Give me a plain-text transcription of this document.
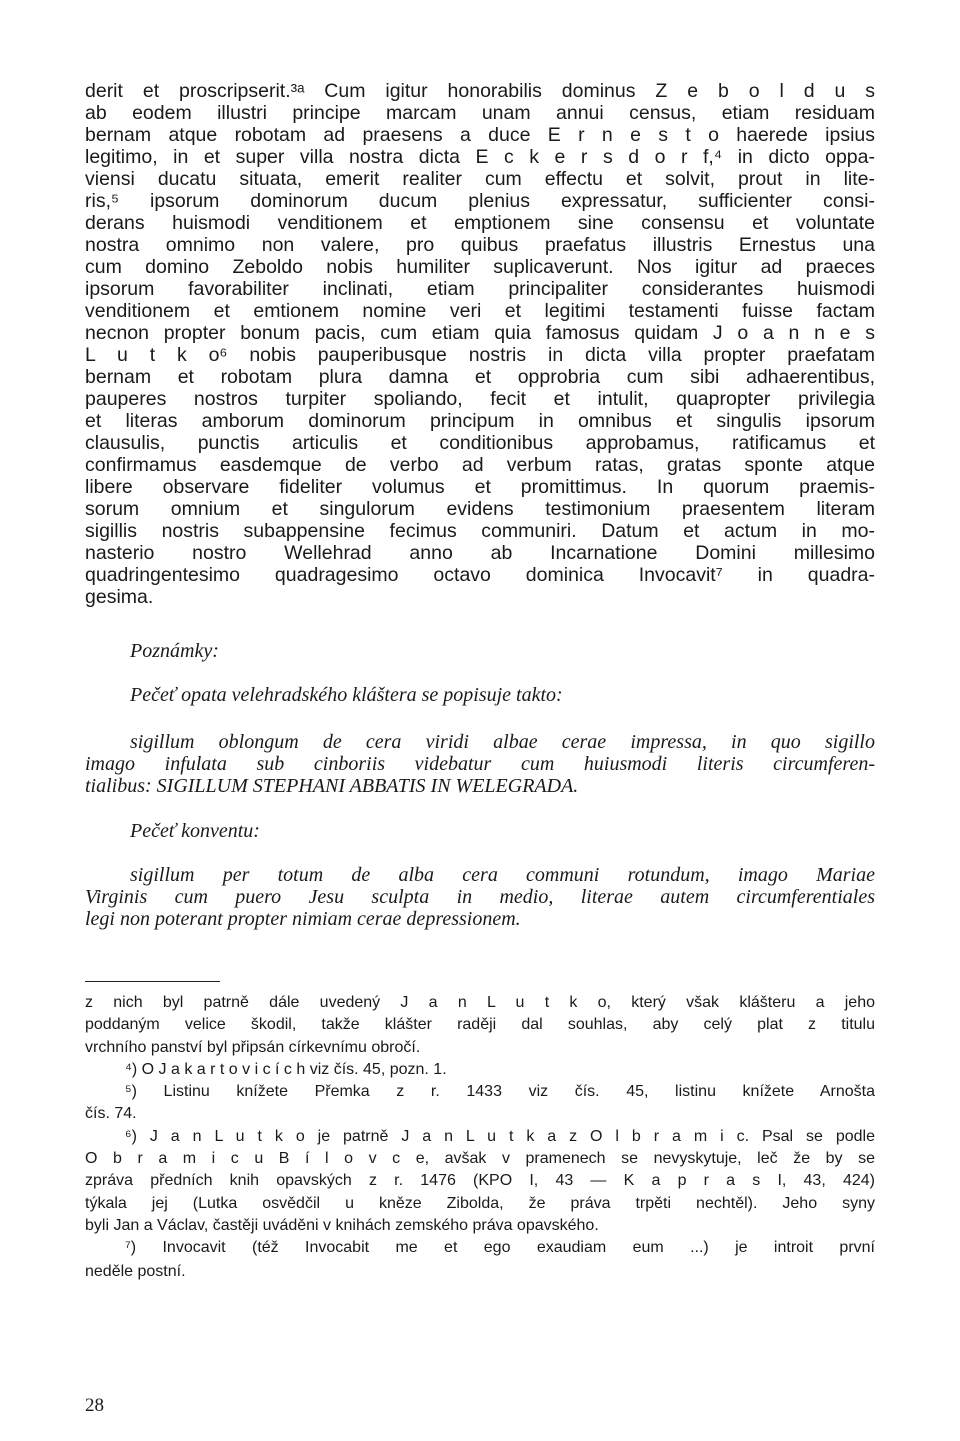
derit et proscripserit.³ᵃ Cum igitur honorabilis dominus Z e b o l d u s

ab eodem illustri principe marcam unam annui census, etiam residuam

bernam atque robotam ad praesens a duce E r n e s t o haerede ipsius

legitimo, in et super villa nostra dicta E c k e r s d o r f,⁴ in dicto oppa-

viensi ducatu situata, emerit realiter cum effectu et solvit, prout in lite-

ris,⁵ ipsorum dominorum ducum plenius expressatur, sufficienter consi-

derans huismodi venditionem et emptionem sine consensu et voluntate

nostra omnimo non valere, pro quibus praefatus illustris Ernestus una

cum domino Zeboldo nobis humiliter suplicaverunt. Nos igitur ad praeces

ipsorum favorabiliter inclinati, etiam principaliter considerantes huismodi

venditionem et emtionem nomine veri et legitimi testamenti fuisse factam

necnon propter bonum pacis, cum etiam quia famosus quidam J o a n n e s

L u t k o⁶ nobis pauperibusque nostris in dicta villa propter praefatam

bernam et robotam plura damna et opprobria cum sibi adhaerentibus,

pauperes nostros turpiter spoliando, fecit et intulit, quapropter privilegia

et literas amborum dominorum principum in omnibus et singulis ipsorum

clausulis, punctis articulis et conditionibus approbamus, ratificamus et

confirmamus easdemque de verbo ad verbum ratas, gratas sponte atque

libere observare fideliter volumus et promittimus. In quorum praemis-

sorum omnium et singulorum evidens testimonium praesentem literam

sigillis nostris subappensine fecimus communiri. Datum et actum in mo-

nasterio nostro Wellehrad anno ab Incarnatione Domini millesimo

quadringentesimo quadragesimo octavo dominica Invocavit⁷ in quadra-

gesima.

Poznámky:

Pečeť opata velehradského kláštera se popisuje takto:

sigillum oblongum de cera viridi albae cerae impressa, in quo sigillo

imago infulata sub cinboriis videbatur cum huiusmodi literis circumferen-

tialibus: SIGILLUM STEPHANI ABBATIS IN WELEGRADA.

Pečeť konventu:

sigillum per totum de alba cera communi rotundum, imago Mariae

Virginis cum puero Jesu sculpta in medio, literae autem circumferentiales

legi non poterant propter nimiam cerae depressionem.

z nich byl patrně dále uvedený J a n L u t k o, který však klášteru a jeho

poddaným velice škodil, takže klášter raději dal souhlas, aby celý plat z titulu

vrchního panství byl připsán církevnímu obročí.

⁴) O J a k a r t o v i c í c h viz čís. 45, pozn. 1.

⁵) Listinu knížete Přemka z r. 1433 viz čís. 45, listinu knížete Arnošta

čís. 74.

⁶) J a n L u t k o je patrně J a n L u t k a z O l b r a m i c. Psal se podle

O b r a m i c u B í l o v c e, avšak v pramenech se nevyskytuje, leč že by se

zpráva předních knih opavských z r. 1476 (KPO I, 43 — K a p r a s I, 43, 424)

týkala jej (Lutka osvědčil u kněze Zibolda, že práva trpěti nechtěl). Jeho syny

byli Jan a Václav, častěji uváděni v knihách zemského práva opavského.

⁷) Invocavit (též Invocabit me et ego exaudiam eum ...) je introit první

neděle postní.

28
